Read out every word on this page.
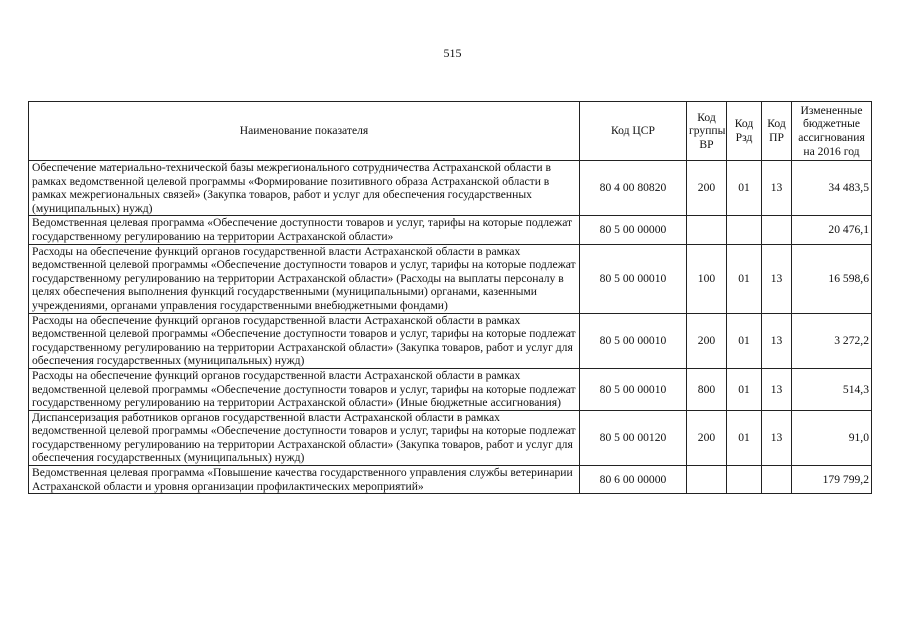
515
Наименование показателя	Код ЦСР	Код группы ВР	Код Рзд	Код ПР	Измененные бюджетные ассигнования на 2016 год
Обеспечение материально-технической базы межрегионального сотрудничества Астраханской области в рамках ведомственной целевой программы «Формирование позитивного образа Астраханской области в рамках межрегиональных связей» (Закупка товаров, работ и услуг для обеспечения государственных (муниципальных) нужд)	80 4 00 80820	200	01	13	34 483,5
Ведомственная целевая программа «Обеспечение доступности товаров и услуг, тарифы на которые подлежат государственному регулированию на территории Астраханской области»	80 5 00 00000				20 476,1
Расходы на обеспечение функций органов государственной власти Астраханской области в рамках ведомственной целевой программы «Обеспечение доступности товаров и услуг, тарифы на которые подлежат государственному регулированию на территории Астраханской области» (Расходы на выплаты персоналу в целях обеспечения выполнения функций государственными (муниципальными) органами, казенными учреждениями, органами управления государственными внебюджетными фондами)	80 5 00 00010	100	01	13	16 598,6
Расходы на обеспечение функций органов государственной власти Астраханской области в рамках ведомственной целевой программы «Обеспечение доступности товаров и услуг, тарифы на которые подлежат государственному регулированию на территории Астраханской области» (Закупка товаров, работ и услуг для обеспечения государственных (муниципальных) нужд)	80 5 00 00010	200	01	13	3 272,2
Расходы на обеспечение функций органов государственной власти Астраханской области в рамках ведомственной целевой программы «Обеспечение доступности товаров и услуг, тарифы на которые подлежат государственному регулированию на территории Астраханской области» (Иные бюджетные ассигнования)	80 5 00 00010	800	01	13	514,3
Диспансеризация работников органов государственной власти Астраханской области в рамках ведомственной целевой программы «Обеспечение доступности товаров и услуг, тарифы на которые подлежат государственному регулированию на территории Астраханской области» (Закупка товаров, работ и услуг для обеспечения государственных (муниципальных) нужд)	80 5 00 00120	200	01	13	91,0
Ведомственная целевая программа «Повышение качества государственного управления службы ветеринарии Астраханской области и уровня организации профилактических мероприятий»	80 6 00 00000				179 799,2
